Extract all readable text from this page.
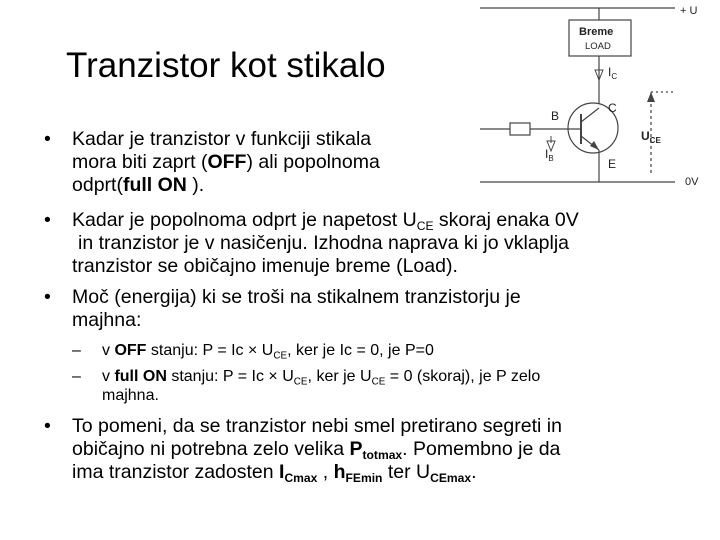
Tranzistor kot stikalo
+ U
Breme
LOAD
$I_C$
C
B
$I_B$	E
$U_{CE}$
0V
•	Kadar je tranzistor v funkciji stikala
mora biti zaprt (OFF) ali popolnoma
odprt(full ON ).
•	Kadar je popolnoma odprt je napetost $U_{CE}$ skoraj enaka 0V
in tranzistor je v nasičenju. Izhodna naprava ki jo vklaplja
tranzistor se običajno imenuje breme (Load).
•	Moč (energija) ki se troši na stikalnem tranzistorju je
majhna:
– v OFF stanju: $P = Ic \times U_{CE}$, ker je Ic = 0, je P=0
– v full ON stanju: $P = Ic \times U_{CE}$, ker je $U_{CE} = 0$ (skoraj), je P zelo
majhna.
•	To pomeni, da se tranzistor nebi smel pretirano segreti in
običajno ni potrebna zelo velika $P_{totmax}$. Pomembno je da
ima tranzistor zadosten $I_{Cmax}$ , $h_{FEmin}$ ter $U_{CEmax}$.
